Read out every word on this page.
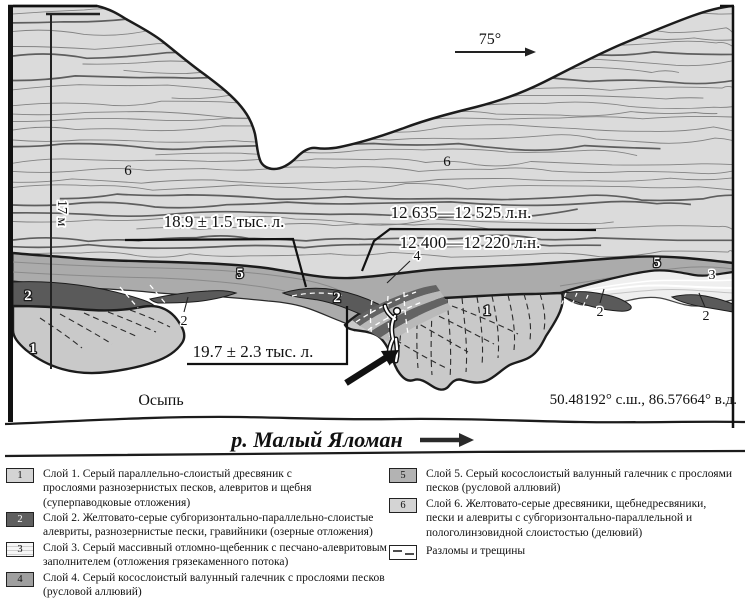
17 м
2
2	2
4
3
6
6
5
5
2	2
1
1
18.9 ± 1.5 тыс. л.	12 635—12 525 л.н.
12 400—12 220 л.н.
19.7 ± 2.3 тыс. л.
75°
Осыпь	50.48192° с.ш., 86.57664° в.д.
р. Малый Яломан
1 Слой 1. Серый параллельно-слоистый дресвяник с прослоями разнозернистых песков, алевритов и щебня (суперпаводковые отложения)
2 Слой 2. Желтовато-серые субгоризонтально-параллельно-слоистые алевриты, разнозернистые пески, гравийники (озерные отложения)
3 Слой 3. Серый массивный отломно-щебенник с песчано-алевритовым заполнителем (отложения грязекаменного потока)
4 Слой 4. Серый косослоистый валунный галечник с прослоями песков (русловой аллювий)
5 Слой 5. Серый косослоистый валунный галечник с прослоями песков (русловой аллювий)
6 Слой 6. Желтовато-серые дресвяники, щебнедресвяники, пески и алевриты с субгоризонтально-параллельной и пологолинзовидной слоистостью (делювий)
Разломы и трещины
